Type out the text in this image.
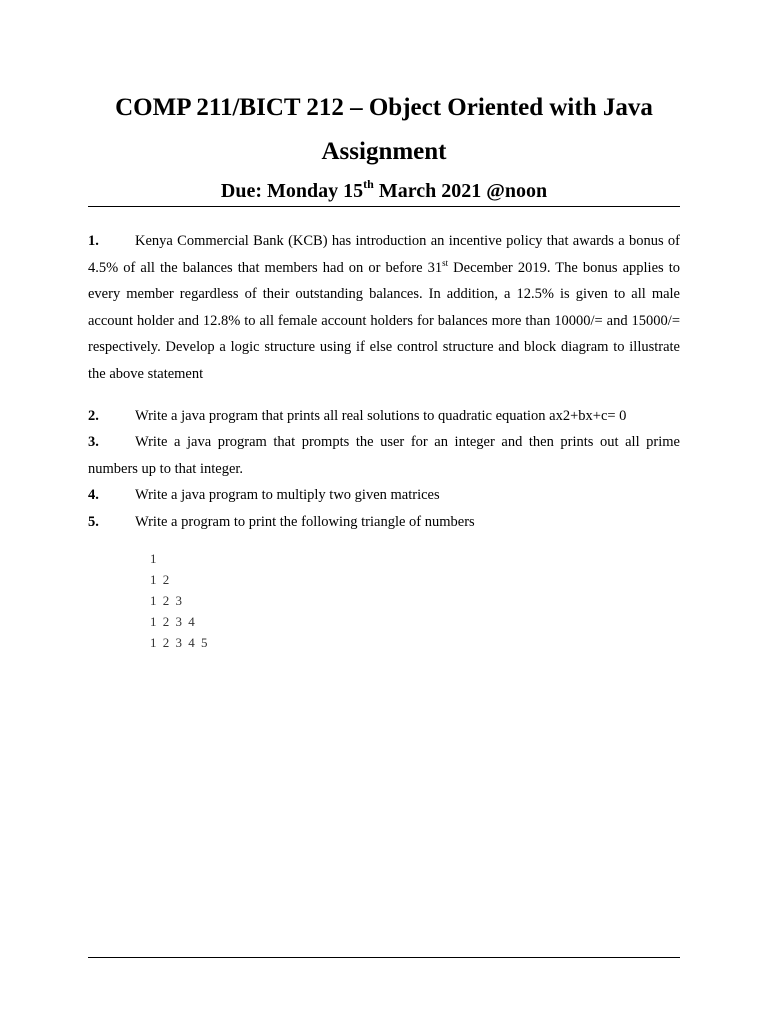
COMP 211/BICT 212 – Object Oriented with Java
Assignment
Due: Monday 15th March 2021 @noon
1. Kenya Commercial Bank (KCB) has introduction an incentive policy that awards a bonus of 4.5% of all the balances that members had on or before 31st December 2019. The bonus applies to every member regardless of their outstanding balances. In addition, a 12.5% is given to all male account holder and 12.8% to all female account holders for balances more than 10000/= and 15000/= respectively. Develop a logic structure using if else control structure and block diagram to illustrate the above statement
2. Write a java program that prints all real solutions to quadratic equation ax2+bx+c= 0
3. Write a java program that prompts the user for an integer and then prints out all prime numbers up to that integer.
4. Write a java program to multiply two given matrices
5. Write a program to print the following triangle of numbers
1
1 2
1 2 3
1 2 3 4
1 2 3 4 5
